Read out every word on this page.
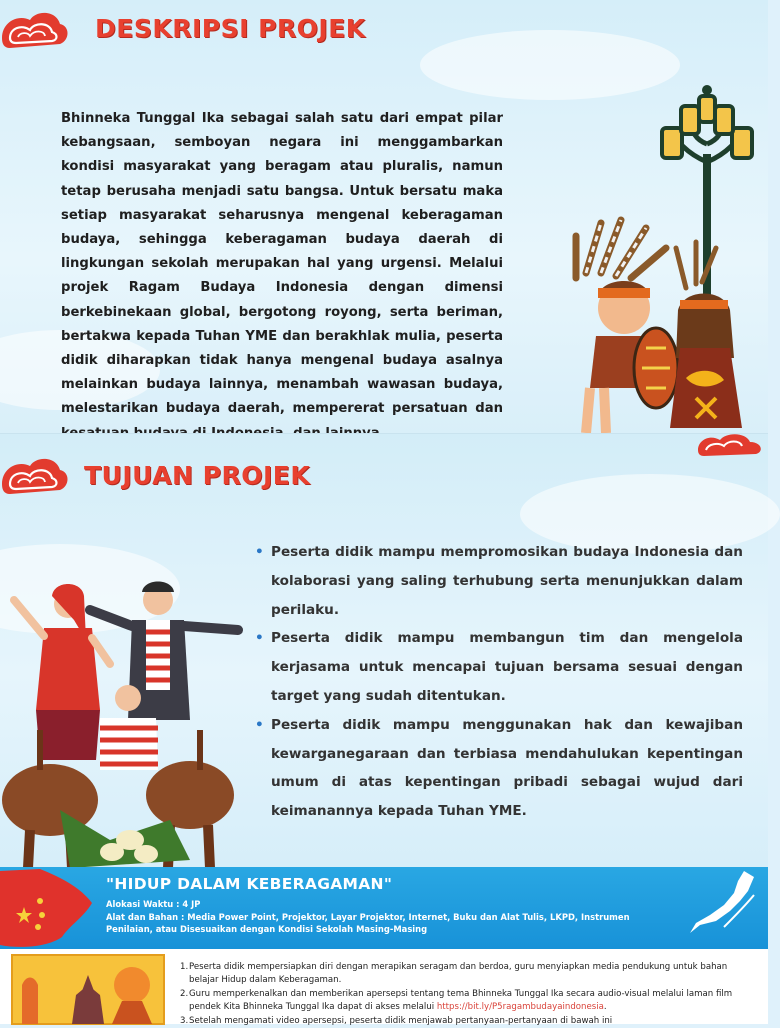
DESKRIPSI PROJEK

Bhinneka Tunggal Ika sebagai salah satu dari empat pilar kebangsaan, semboyan negara ini menggambarkan kondisi masyarakat yang beragam atau pluralis, namun tetap berusaha menjadi satu bangsa. Untuk bersatu maka setiap masyarakat seharusnya mengenal keberagaman budaya, sehingga keberagaman budaya daerah di lingkungan sekolah merupakan hal yang urgensi. Melalui projek Ragam Budaya Indonesia dengan dimensi berkebinekaan global, bergotong royong, serta beriman, bertakwa kepada Tuhan YME dan berakhlak mulia, peserta didik diharapkan tidak hanya mengenal budaya asalnya melainkan budaya lainnya, menambah wawasan budaya, melestarikan budaya daerah, mempererat persatuan dan

TUJUAN PROJEK
• Peserta didik mampu mempromosikan budaya Indonesia dan kolaborasi yang saling terhubung serta menunjukkan dalam perilaku.
• Peserta didik mampu membangun tim dan mengelola kerjasama untuk mencapai tujuan bersama sesuai dengan target yang sudah ditentukan.
• Peserta didik mampu menggunakan hak dan kewajiban kewarganegaraan dan terbiasa mendahulukan kepentingan umum di atas kepentingan pribadi sebagai wujud dari keimanannya kepada Tuhan YME.
"HIDUP DALAM KEBERAGAMAN"
Alokasi Waktu : 4 JP
Alat dan Bahan : Media Power Point, Projektor, Layar Projektor, Internet, Buku dan Alat Tulis, LKPD, Instrumen
Penilaian, atau Disesuaikan dengan Kondisi Sekolah Masing-Masing
1.Peserta didik mempersiapkan diri dengan merapikan seragam dan berdoa, guru menyiapkan media pendukung untuk bahan
belajar Hidup dalam Keberagaman.
2.Guru memperkenalkan dan memberikan apersepsi tentang tema Bhinneka Tunggal Ika secara audio-visual melalui laman film
pendek Kita Bhinneka Tunggal Ika dapat di akses melalui https://bit.ly/P5ragambudayaindonesia.
3.Setelah mengamati video apersepsi, peserta didik menjawab pertanyaan-pertanyaan di bawah ini
